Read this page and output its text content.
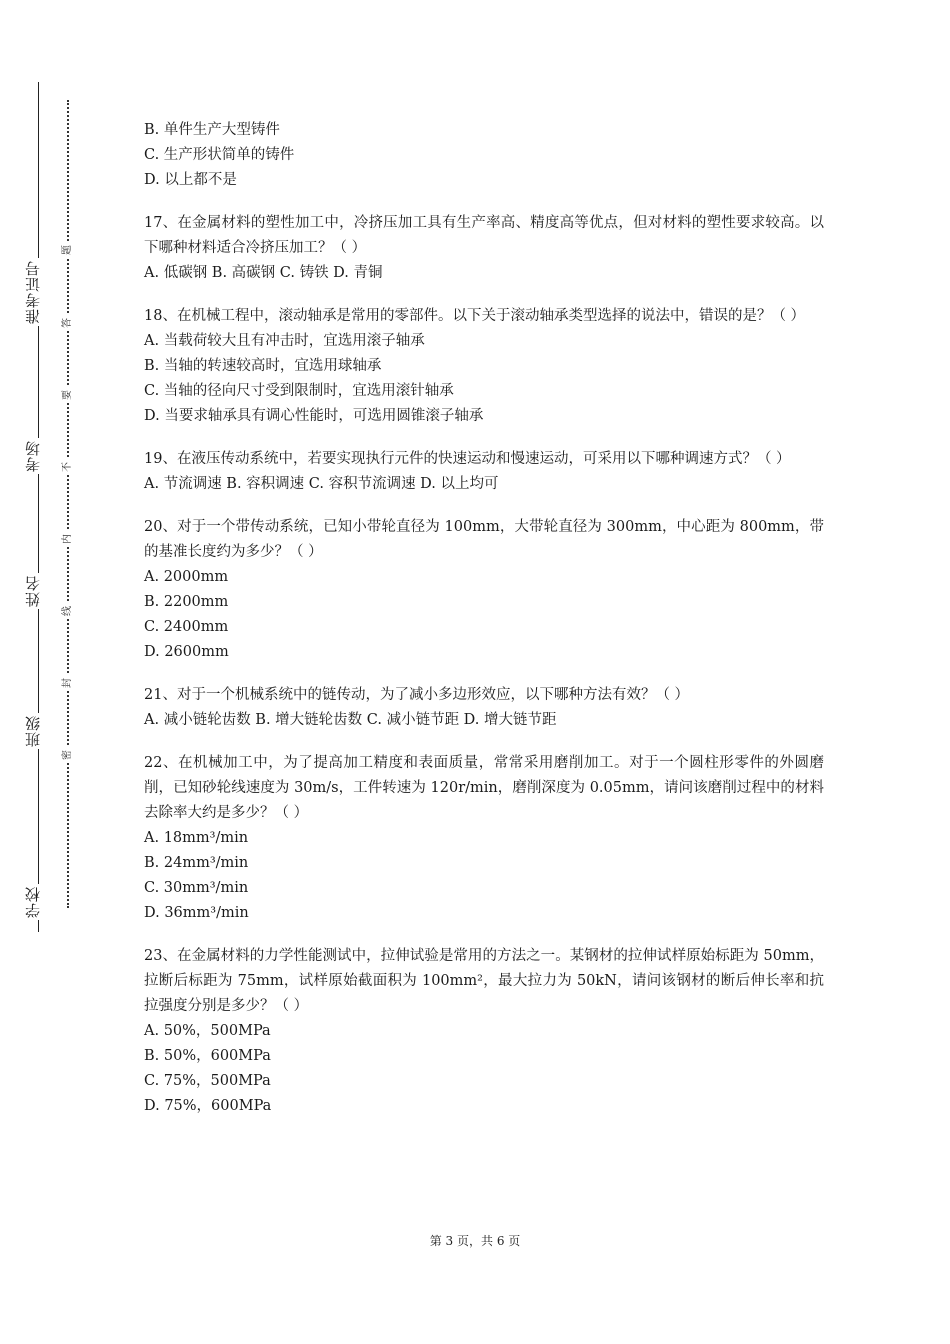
准考证号
考场
姓名
班级
学校
题
答
要
不
内
线
封
密

B. 单件生产大型铸件

C. 生产形状简单的铸件

D. 以上都不是

17、在金属材料的塑性加工中，冷挤压加工具有生产率高、精度高等优点，但对材料的塑性要求较高。以下哪种材料适合冷挤压加工？（ ）

A. 低碳钢 B. 高碳钢 C. 铸铁 D. 青铜

18、在机械工程中，滚动轴承是常用的零部件。以下关于滚动轴承类型选择的说法中，错误的是？（ ）

A. 当载荷较大且有冲击时，宜选用滚子轴承

B. 当轴的转速较高时，宜选用球轴承

C. 当轴的径向尺寸受到限制时，宜选用滚针轴承

D. 当要求轴承具有调心性能时，可选用圆锥滚子轴承

19、在液压传动系统中，若要实现执行元件的快速运动和慢速运动，可采用以下哪种调速方式？（ ）

A. 节流调速 B. 容积调速 C. 容积节流调速 D. 以上均可

20、对于一个带传动系统，已知小带轮直径为 100mm，大带轮直径为 300mm，中心距为 800mm，带的基准长度约为多少？（ ）

A. 2000mm

B. 2200mm

C. 2400mm

D. 2600mm

21、对于一个机械系统中的链传动，为了减小多边形效应，以下哪种方法有效？（ ）

A. 减小链轮齿数 B. 增大链轮齿数 C. 减小链节距 D. 增大链节距

22、在机械加工中，为了提高加工精度和表面质量，常常采用磨削加工。对于一个圆柱形零件的外圆磨削，已知砂轮线速度为 30m/s，工件转速为 120r/min，磨削深度为 0.05mm，请问该磨削过程中的材料去除率大约是多少？（ ）

A. 18mm³/min

B. 24mm³/min

C. 30mm³/min

D. 36mm³/min

23、在金属材料的力学性能测试中，拉伸试验是常用的方法之一。某钢材的拉伸试样原始标距为 50mm，拉断后标距为 75mm，试样原始截面积为 100mm²，最大拉力为 50kN，请问该钢材的断后伸长率和抗拉强度分别是多少？（ ）

A. 50%，500MPa

B. 50%，600MPa

C. 75%，500MPa

D. 75%，600MPa

第 3 页，共 6 页
